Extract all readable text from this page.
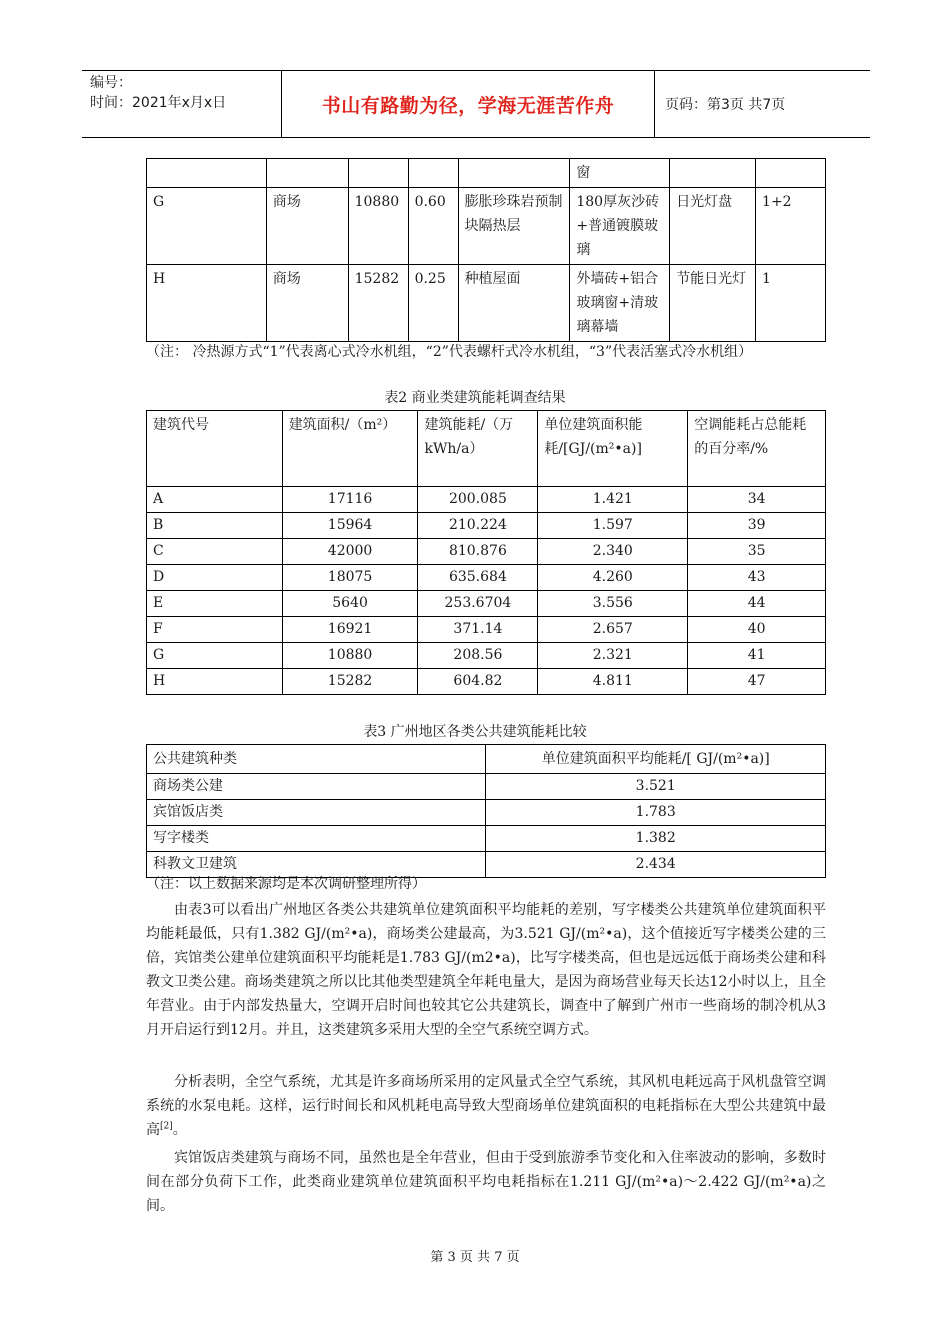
编号：
时间：2021年x月x日	书山有路勤为径，学海无涯苦作舟	页码：第3页 共7页
					窗		
G	商场	10880	0.60	膨胀珍珠岩预制块隔热层	180厚灰沙砖+普通镀膜玻璃	日光灯盘	1+2
H	商场	15282	0.25	种植屋面	外墙砖+铝合玻璃窗+清玻璃幕墙	节能日光灯	1
（注： 冷热源方式“1”代表离心式冷水机组，“2”代表螺杆式冷水机组，“3”代表活塞式冷水机组）
表2 商业类建筑能耗调查结果
建筑代号	建筑面积/（m²）	建筑能耗/（万kWh/a）	单位建筑面积能耗/[GJ/(m²•a)]	空调能耗占总能耗的百分率/%
A	17116	200.085	1.421	34
B	15964	210.224	1.597	39
C	42000	810.876	2.340	35
D	18075	635.684	4.260	43
E	5640	253.6704	3.556	44
F	16921	371.14	2.657	40
G	10880	208.56	2.321	41
H	15282	604.82	4.811	47
表3 广州地区各类公共建筑能耗比较
公共建筑种类	单位建筑面积平均能耗/[ GJ/(m²•a)]
商场类公建	3.521
宾馆饭店类	1.783
写字楼类	1.382
科教文卫建筑	2.434
（注：以上数据来源均是本次调研整理所得）
由表3可以看出广州地区各类公共建筑单位建筑面积平均能耗的差别，写字楼类公共建筑单位建筑面积平均能耗最低，只有1.382 GJ/(m²•a)，商场类公建最高，为3.521 GJ/(m²•a)，这个值接近写字楼类公建的三倍，宾馆类公建单位建筑面积平均能耗是1.783 GJ/(m2•a)，比写字楼类高，但也是远远低于商场类公建和科教文卫类公建。商场类建筑之所以比其他类型建筑全年耗电量大，是因为商场营业每天长达12小时以上，且全年营业。由于内部发热量大，空调开启时间也较其它公共建筑长，调查中了解到广州市一些商场的制冷机从3月开启运行到12月。并且，这类建筑多采用大型的全空气系统空调方式。
分析表明，全空气系统，尤其是许多商场所采用的定风量式全空气系统，其风机电耗远高于风机盘管空调系统的水泵电耗。这样，运行时间长和风机耗电高导致大型商场单位建筑面积的电耗指标在大型公共建筑中最高[2]。
宾馆饭店类建筑与商场不同，虽然也是全年营业，但由于受到旅游季节变化和入住率波动的影响，多数时间在部分负荷下工作，此类商业建筑单位建筑面积平均电耗指标在1.211 GJ/(m²•a)～2.422 GJ/(m²•a)之间。
第 3 页 共 7 页
